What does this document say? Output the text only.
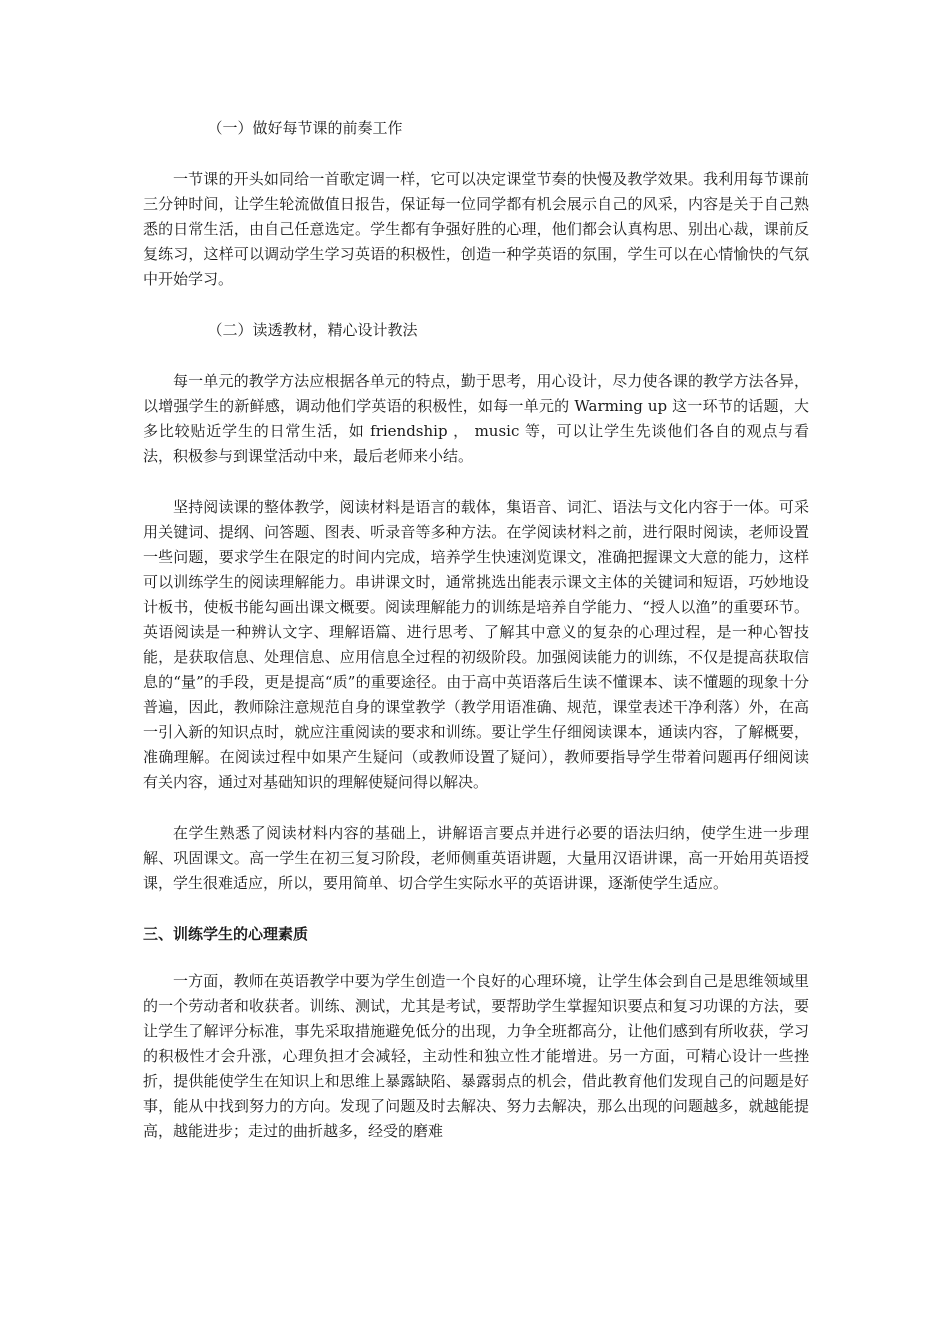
（一）做好每节课的前奏工作

一节课的开头如同给一首歌定调一样，它可以决定课堂节奏的快慢及教学效果。我利用每节课前三分钟时间，让学生轮流做值日报告，保证每一位同学都有机会展示自己的风采，内容是关于自己熟悉的日常生活，由自己任意选定。学生都有争强好胜的心理，他们都会认真构思、别出心裁，课前反复练习，这样可以调动学生学习英语的积极性，创造一种学英语的氛围，学生可以在心情愉快的气氛中开始学习。

（二）读透教材，精心设计教法

每一单元的教学方法应根据各单元的特点，勤于思考，用心设计，尽力使各课的教学方法各异，以增强学生的新鲜感，调动他们学英语的积极性，如每一单元的 Warming up 这一环节的话题，大多比较贴近学生的日常生活，如 friendship ， music 等，可以让学生先谈他们各自的观点与看法，积极参与到课堂活动中来，最后老师来小结。

坚持阅读课的整体教学，阅读材料是语言的载体，集语音、词汇、语法与文化内容于一体。可采用关键词、提纲、问答题、图表、听录音等多种方法。在学阅读材料之前，进行限时阅读，老师设置一些问题，要求学生在限定的时间内完成，培养学生快速浏览课文，准确把握课文大意的能力，这样可以训练学生的阅读理解能力。串讲课文时，通常挑选出能表示课文主体的关键词和短语，巧妙地设计板书，使板书能勾画出课文概要。阅读理解能力的训练是培养自学能力、“授人以渔”的重要环节。英语阅读是一种辨认文字、理解语篇、进行思考、了解其中意义的复杂的心理过程，是一种心智技能，是获取信息、处理信息、应用信息全过程的初级阶段。加强阅读能力的训练，不仅是提高获取信息的“量”的手段，更是提高“质”的重要途径。由于高中英语落后生读不懂课本、读不懂题的现象十分普遍，因此，教师除注意规范自身的课堂教学（教学用语准确、规范，课堂表述干净利落）外，在高一引入新的知识点时，就应注重阅读的要求和训练。要让学生仔细阅读课本，通读内容，了解概要，准确理解。在阅读过程中如果产生疑问（或教师设置了疑问），教师要指导学生带着问题再仔细阅读有关内容，通过对基础知识的理解使疑问得以解决。

在学生熟悉了阅读材料内容的基础上，讲解语言要点并进行必要的语法归纳，使学生进一步理解、巩固课文。高一学生在初三复习阶段，老师侧重英语讲题，大量用汉语讲课，高一开始用英语授课，学生很难适应，所以，要用简单、切合学生实际水平的英语讲课，逐渐使学生适应。

三、训练学生的心理素质

一方面，教师在英语教学中要为学生创造一个良好的心理环境，让学生体会到自己是思维领域里的一个劳动者和收获者。训练、测试，尤其是考试，要帮助学生掌握知识要点和复习功课的方法，要让学生了解评分标准，事先采取措施避免低分的出现，力争全班都高分，让他们感到有所收获，学习的积极性才会升涨，心理负担才会减轻，主动性和独立性才能增进。另一方面，可精心设计一些挫折，提供能使学生在知识上和思维上暴露缺陷、暴露弱点的机会，借此教育他们发现自己的问题是好事，能从中找到努力的方向。发现了问题及时去解决、努力去解决，那么出现的问题越多，就越能提高，越能进步；走过的曲折越多，经受的磨难
